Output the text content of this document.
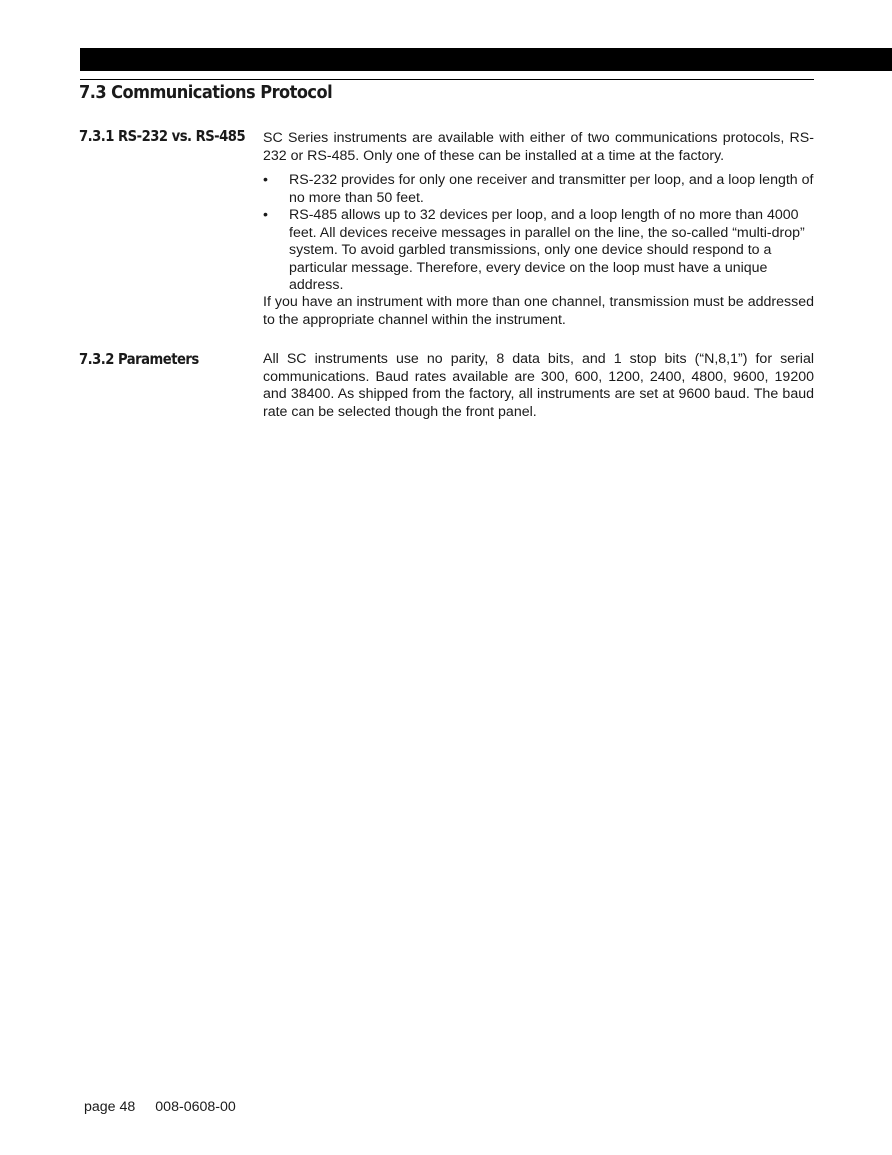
7.3 Communications Protocol
7.3.1 RS-232 vs. RS-485 SC Series instruments are available with either of two communications protocols, RS-232 or RS-485. Only one of these can be installed at a time at the factory.

• RS-232 provides for only one receiver and transmitter per loop, and a loop length of no more than 50 feet.
• RS-485 allows up to 32 devices per loop, and a loop length of no more than 4000 feet. All devices receive messages in parallel on the line, the so-called “multi-drop” system. To avoid garbled transmissions, only one device should respond to a particular message. Therefore, every device on the loop must have a unique address.

If you have an instrument with more than one channel, transmission must be addressed to the appropriate channel within the instrument.

7.3.2 Parameters	All SC instruments use no parity, 8 data bits, and 1 stop bits (“N,8,1”) for serial communications. Baud rates available are 300, 600, 1200, 2400, 4800, 9600, 19200 and 38400. As shipped from the factory, all instruments are set at 9600 baud. The baud rate can be selected though the front panel.

page 48 008-0608-00
